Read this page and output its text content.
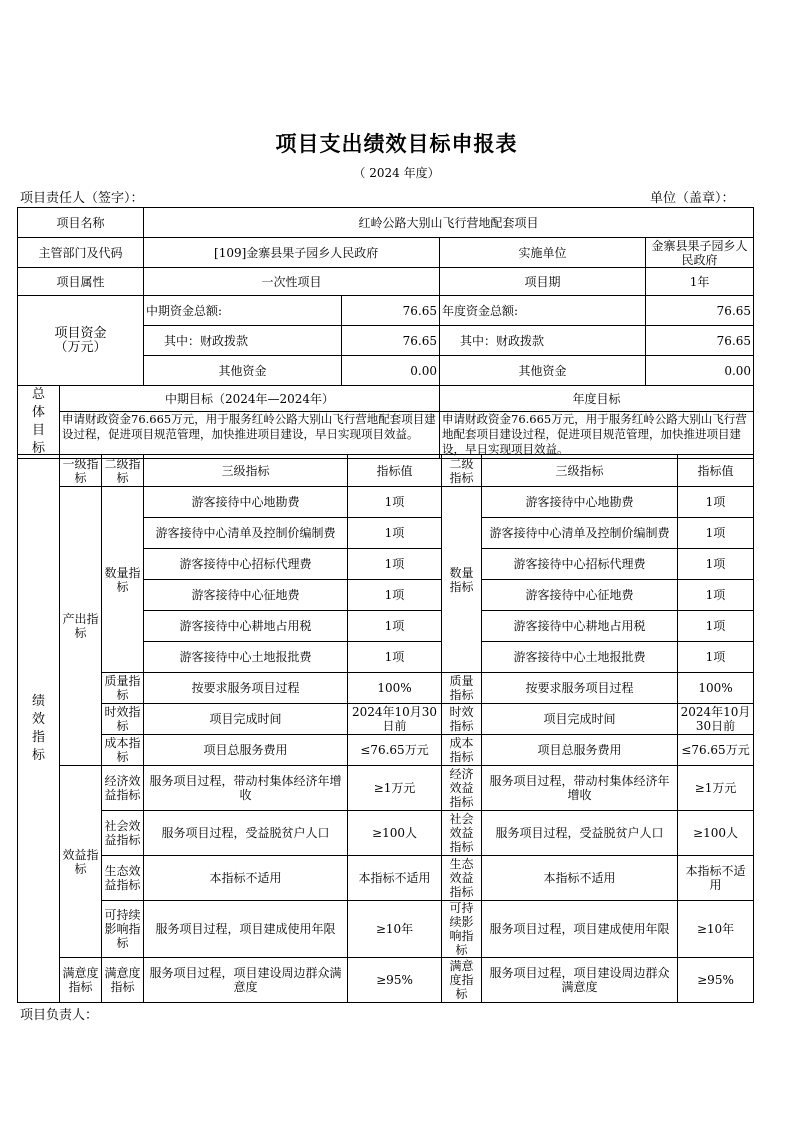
项目支出绩效目标申报表
（ 2024 年度）
项目责任人（签字）：	单位（盖章）：
项目名称		红岭公路大别山飞行营地配套项目			
主管部门及代码		[109]金寨县果子园乡人民政府		实施单位	金寨县果子园乡人民政府
项目属性		一次性项目		项目期	1年
项目资金（万元）		中期资金总额:	76.65	年度资金总额:	76.65
		其中：财政拨款	76.65	其中：财政拨款	76.65
		其他资金	0.00	其他资金	0.00
总体目标	中期目标（2024年—2024年）			年度目标	
	申请财政资金76.665万元，用于服务红岭公路大别山飞行营地配套项目建设过程，促进项目规范管理，加快推进项目建设，早日实现项目效益。			申请财政资金76.665万元，用于服务红岭公路大别山飞行营地配套项目建设过程，促进项目规范管理，加快推进项目建设，早日实现项目效益。	
绩效指标	一级指标	二级指标	三级指标	指标值	二级指标	三级指标	指标值
	产出指标	数量指标	游客接待中心地勘费	1项	数量指标	游客接待中心地勘费	1项
			游客接待中心清单及控制价编制费	1项		游客接待中心清单及控制价编制费	1项
			游客接待中心招标代理费	1项		游客接待中心招标代理费	1项
			游客接待中心征地费	1项		游客接待中心征地费	1项
			游客接待中心耕地占用税	1项		游客接待中心耕地占用税	1项
			游客接待中心土地报批费	1项		游客接待中心土地报批费	1项
		质量指标	按要求服务项目过程	100%	质量指标	按要求服务项目过程	100%
		时效指标	项目完成时间	2024年10月30日前	时效指标	项目完成时间	2024年10月30日前
		成本指标	项目总服务费用	≤76.65万元	成本指标	项目总服务费用	≤76.65万元
	效益指标	经济效益指标	服务项目过程，带动村集体经济年增收	≥1万元	经济效益指标	服务项目过程，带动村集体经济年增收	≥1万元
		社会效益指标	服务项目过程，受益脱贫户人口	≥100人	社会效益指标	服务项目过程，受益脱贫户人口	≥100人
		生态效益指标	本指标不适用	本指标不适用	生态效益指标	本指标不适用	本指标不适用
		可持续影响指标	服务项目过程，项目建成使用年限	≥10年	可持续影响指标	服务项目过程，项目建成使用年限	≥10年
	满意度指标	满意度指标	服务项目过程，项目建设周边群众满意度	≥95%	满意度指标	服务项目过程，项目建设周边群众满意度	≥95%
项目负责人：
